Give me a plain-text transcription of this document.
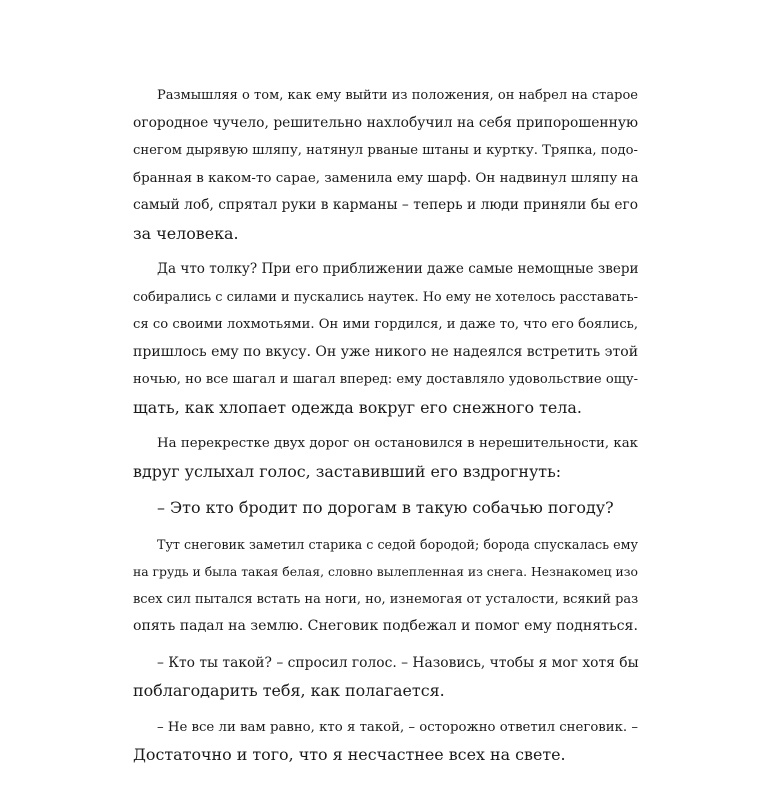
Размышляя о том, как ему выйти из положения, он набрел на старое
огородное чучело, решительно нахлобучил на себя припорошенную
снегом дырявую шляпу, натянул рваные штаны и куртку. Тряпка, подо-
бранная в каком-то сарае, заменила ему шарф. Он надвинул шляпу на
самый лоб, спрятал руки в карманы – теперь и люди приняли бы его
за человека.
Да что толку? При его приближении даже самые немощные звери
собирались с силами и пускались наутек. Но ему не хотелось расставать-
ся со своими лохмотьями. Он ими гордился, и даже то, что его боялись,
пришлось ему по вкусу. Он уже никого не надеялся встретить этой
ночью, но все шагал и шагал вперед: ему доставляло удовольствие ощу-
щать, как хлопает одежда вокруг его снежного тела.
На перекрестке двух дорог он остановился в нерешительности, как
вдруг услыхал голос, заставивший его вздрогнуть:
– Это кто бродит по дорогам в такую собачью погоду?
Тут снеговик заметил старика с седой бородой; борода спускалась ему
на грудь и была такая белая, словно вылепленная из снега. Незнакомец изо
всех сил пытался встать на ноги, но, изнемогая от усталости, всякий раз
опять падал на землю. Снеговик подбежал и помог ему подняться.
– Кто ты такой? – спросил голос. – Назовись, чтобы я мог хотя бы
поблагодарить тебя, как полагается.
– Не все ли вам равно, кто я такой, – осторожно ответил снеговик. –
Достаточно и того, что я несчастнее всех на свете.
